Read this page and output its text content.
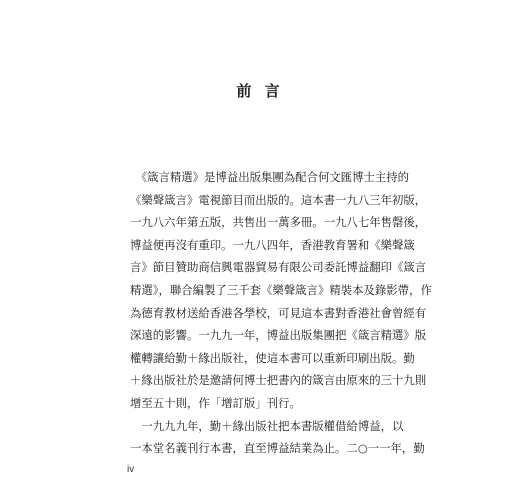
前 言
　《箴言精選》是博益出版集團為配合何文匯博士主持的
《樂聲箴言》電視節目而出版的。這本書一九八三年初版，
一九八六年第五版，共售出一萬多冊。一九八七年售罄後，
博益便再沒有重印。一九八四年，香港教育署和《樂聲箴
言》節目贊助商信興電器貿易有限公司委託博益翻印《箴言
精選》，聯合編製了三千套《樂聲箴言》精裝本及錄影帶，作
為德育教材送給香港各學校，可見這本書對香港社會曾經有
深遠的影響。一九九一年，博益出版集團把《箴言精選》版
權轉讓給勤＋緣出版社，使這本書可以重新印刷出版。勤
＋緣出版社於是邀請何博士把書內的箴言由原來的三十九則
增至五十則，作「增訂版」刊行。
　一九九九年，勤＋緣出版社把本書版權借給博益，以
一本堂名義刊行本書，直至博益結業為止。二○一一年，勤
iv
